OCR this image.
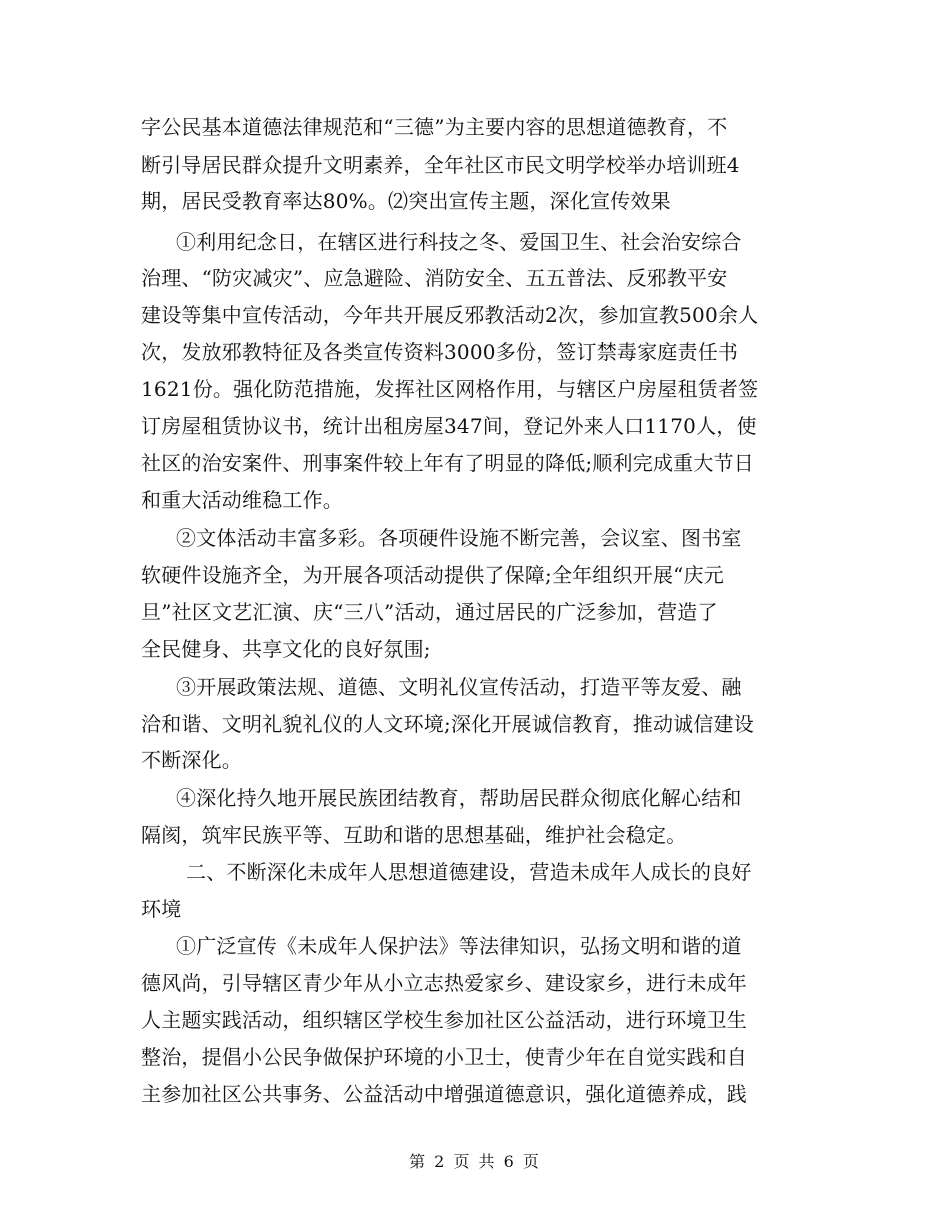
字公民基本道德法律规范和“三德”为主要内容的思想道德教育，不
断引导居民群众提升文明素养，全年社区市民文明学校举办培训班4
期，居民受教育率达80%。⑵突出宣传主题，深化宣传效果
①利用纪念日，在辖区进行科技之冬、爱国卫生、社会治安综合
治理、“防灾减灾”、应急避险、消防安全、五五普法、反邪教平安
建设等集中宣传活动，今年共开展反邪教活动2次，参加宣教500余人
次，发放邪教特征及各类宣传资料3000多份，签订禁毒家庭责任书
1621份。强化防范措施，发挥社区网格作用，与辖区户房屋租赁者签
订房屋租赁协议书，统计出租房屋347间，登记外来人口1170人，使
社区的治安案件、刑事案件较上年有了明显的降低;顺利完成重大节日
和重大活动维稳工作。
②文体活动丰富多彩。各项硬件设施不断完善，会议室、图书室
软硬件设施齐全，为开展各项活动提供了保障;全年组织开展“庆元
旦”社区文艺汇演、庆“三八”活动，通过居民的广泛参加，营造了
全民健身、共享文化的良好氛围;
③开展政策法规、道德、文明礼仪宣传活动，打造平等友爱、融
洽和谐、文明礼貌礼仪的人文环境;深化开展诚信教育，推动诚信建设
不断深化。
④深化持久地开展民族团结教育，帮助居民群众彻底化解心结和
隔阂，筑牢民族平等、互助和谐的思想基础，维护社会稳定。
二、不断深化未成年人思想道德建设，营造未成年人成长的良好
环境
①广泛宣传《未成年人保护法》等法律知识，弘扬文明和谐的道
德风尚，引导辖区青少年从小立志热爱家乡、建设家乡，进行未成年
人主题实践活动，组织辖区学校生参加社区公益活动，进行环境卫生
整治，提倡小公民争做保护环境的小卫士，使青少年在自觉实践和自
主参加社区公共事务、公益活动中增强道德意识，强化道德养成，践
第 2 页 共 6 页
